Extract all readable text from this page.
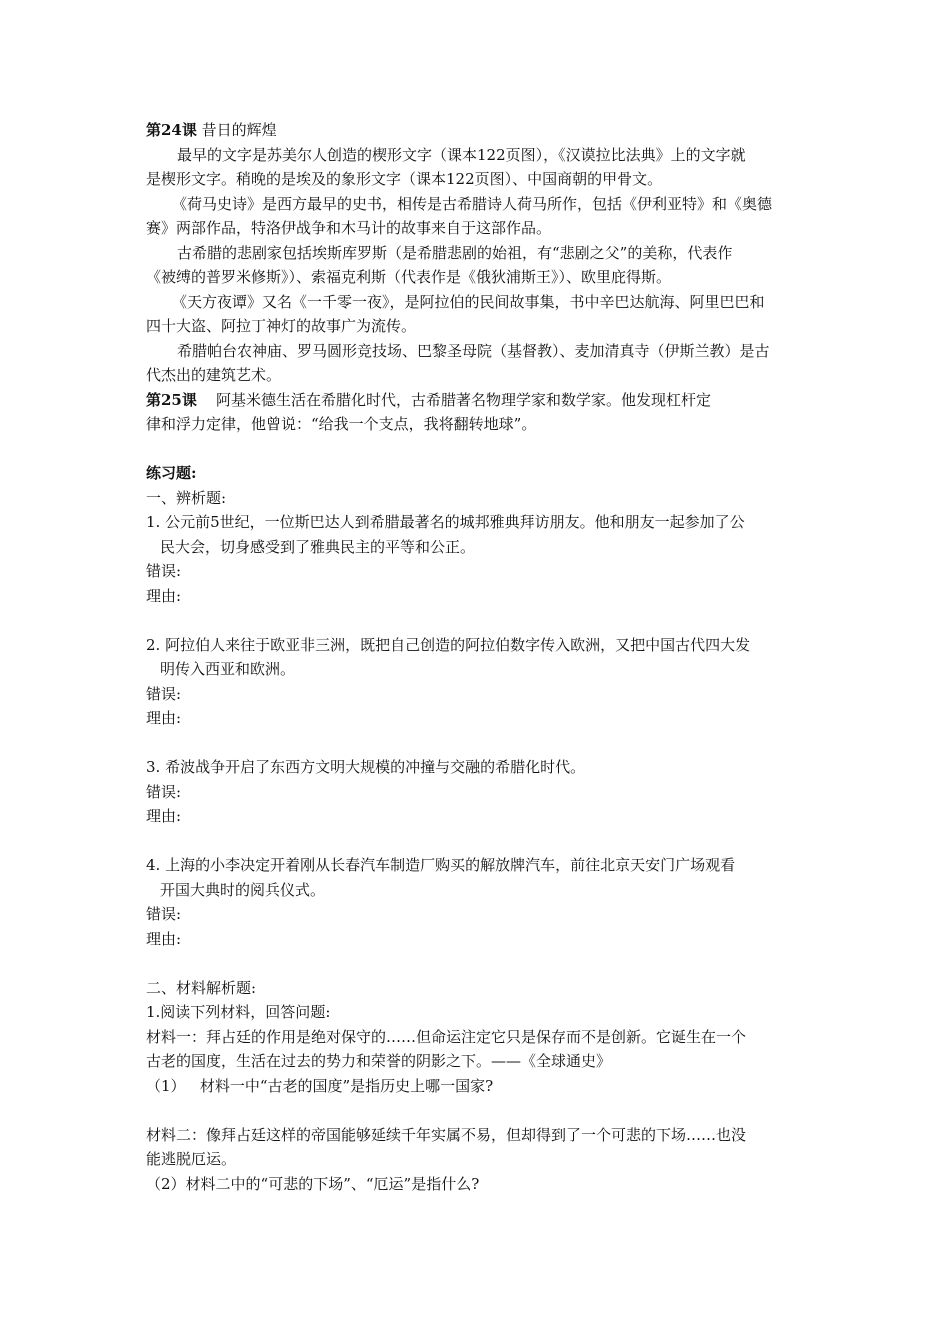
第24课 昔日的辉煌
最早的文字是苏美尔人创造的楔形文字（课本122页图），《汉谟拉比法典》上的文字就
是楔形文字。稍晚的是埃及的象形文字（课本122页图）、中国商朝的甲骨文。
《荷马史诗》是西方最早的史书，相传是古希腊诗人荷马所作，包括《伊利亚特》和《奥德
赛》两部作品，特洛伊战争和木马计的故事来自于这部作品。
古希腊的悲剧家包括埃斯库罗斯（是希腊悲剧的始祖，有“悲剧之父”的美称，代表作
《被缚的普罗米修斯》）、索福克利斯（代表作是《俄狄浦斯王》）、欧里庇得斯。
《天方夜谭》又名《一千零一夜》，是阿拉伯的民间故事集，书中辛巴达航海、阿里巴巴和
四十大盗、阿拉丁神灯的故事广为流传。
希腊帕台农神庙、罗马圆形竞技场、巴黎圣母院（基督教）、麦加清真寺（伊斯兰教）是古
代杰出的建筑艺术。
第25课    阿基米德生活在希腊化时代，古希腊著名物理学家和数学家。他发现杠杆定
律和浮力定律，他曾说：“给我一个支点，我将翻转地球”。
练习题:
一、辨析题:
1. 公元前5世纪，一位斯巴达人到希腊最著名的城邦雅典拜访朋友。他和朋友一起参加了公
民大会，切身感受到了雅典民主的平等和公正。
错误:
理由:
2. 阿拉伯人来往于欧亚非三洲，既把自己创造的阿拉伯数字传入欧洲，又把中国古代四大发
明传入西亚和欧洲。
错误:
理由:
3. 希波战争开启了东西方文明大规模的冲撞与交融的希腊化时代。
错误:
理由:
4. 上海的小李决定开着刚从长春汽车制造厂购买的解放牌汽车，前往北京天安门广场观看
开国大典时的阅兵仪式。
错误:
理由:
二、材料解析题:
1.阅读下列材料，回答问题:
材料一：拜占廷的作用是绝对保守的……但命运注定它只是保存而不是创新。它诞生在一个
古老的国度，生活在过去的势力和荣誉的阴影之下。——《全球通史》
（1）   材料一中“古老的国度”是指历史上哪一国家?
材料二：像拜占廷这样的帝国能够延续千年实属不易，但却得到了一个可悲的下场……也没
能逃脱厄运。
（2）材料二中的“可悲的下场”、“厄运”是指什么?
